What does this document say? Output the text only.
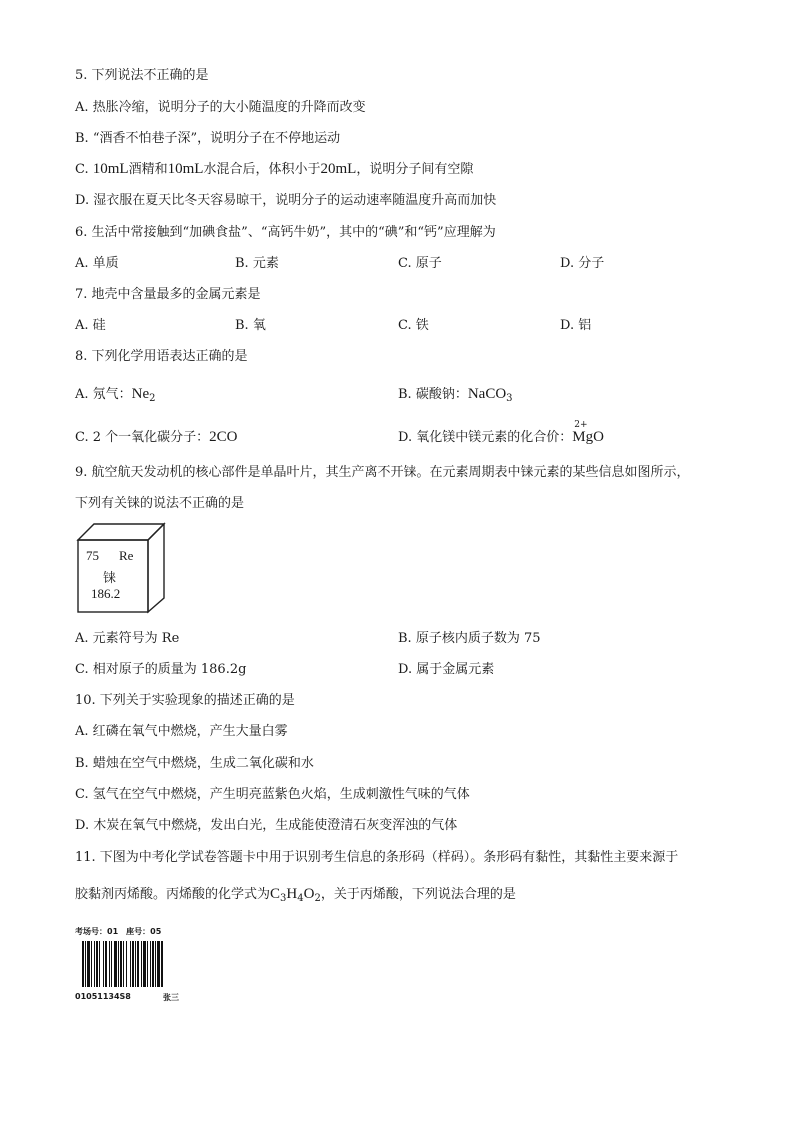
5. 下列说法不正确的是
A. 热胀冷缩，说明分子的大小随温度的升降而改变
B. “酒香不怕巷子深”，说明分子在不停地运动
C. 10mL酒精和10mL水混合后，体积小于20mL，说明分子间有空隙
D. 湿衣服在夏天比冬天容易晾干，说明分子的运动速率随温度升高而加快
6. 生活中常接触到“加碘食盐”、“高钙牛奶”，其中的“碘”和“钙”应理解为
A. 单质	B. 元素	C. 原子	D. 分子
7. 地壳中含量最多的金属元素是
A. 硅	B. 氧	C. 铁	D. 铝
8. 下列化学用语表达正确的是
A. 氖气：$Ne_2$	B. 碳酸钠：NaCO$_3$
C. 2 个一氧化碳分子：2CO	D. 氧化镁中镁元素的化合价：
2+
MgO
9. 航空航天发动机的核心部件是单晶叶片，其生产离不开铼。在元素周期表中铼元素的某些信息如图所示，
下列有关铼的说法不正确的是
75 Re
铼
186.2
A. 元素符号为 Re	B. 原子核内质子数为 75
C. 相对原子的质量为 186.2g	D. 属于金属元素
10. 下列关于实验现象的描述正确的是
A. 红磷在氧气中燃烧，产生大量白雾
B. 蜡烛在空气中燃烧，生成二氧化碳和水
C. 氢气在空气中燃烧，产生明亮蓝紫色火焰，生成刺激性气味的气体
D. 木炭在氧气中燃烧，发出白光，生成能使澄清石灰变浑浊的气体
11. 下图为中考化学试卷答题卡中用于识别考生信息的条形码（样码）。条形码有黏性，其黏性主要来源于
胶黏剂丙烯酸。丙烯酸的化学式为$C_3H_4O_2$，关于丙烯酸，下列说法合理的是
考场号：01　座号：05
01051134S8	张三
